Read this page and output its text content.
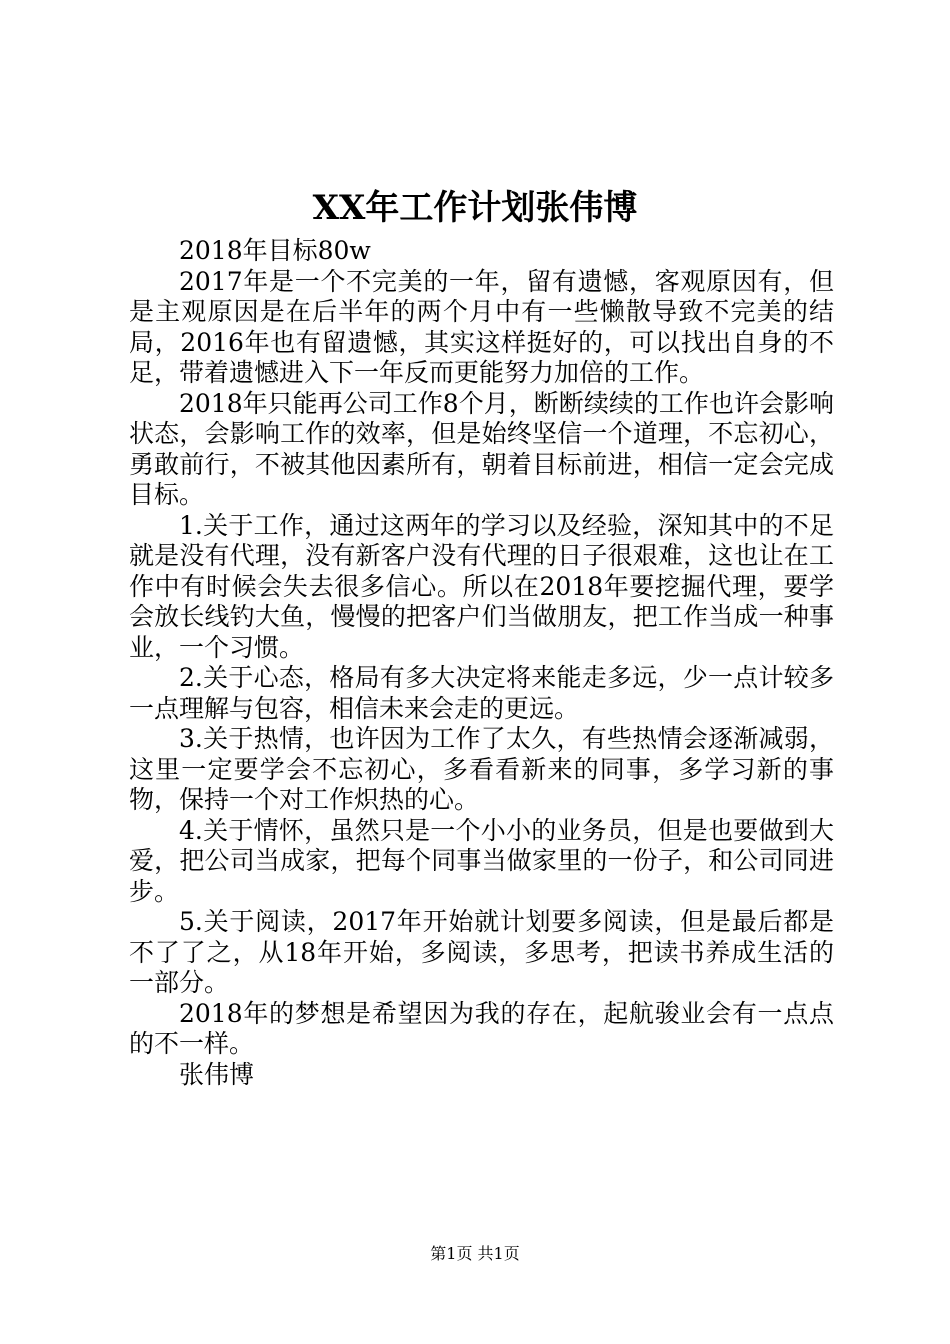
XX年工作计划张伟博

2018年目标80w

2017年是一个不完美的一年，留有遗憾，客观原因有，但是主观原因是在后半年的两个月中有一些懒散导致不完美的结局，2016年也有留遗憾，其实这样挺好的，可以找出自身的不足，带着遗憾进入下一年反而更能努力加倍的工作。

2018年只能再公司工作8个月，断断续续的工作也许会影响状态，会影响工作的效率，但是始终坚信一个道理，不忘初心，勇敢前行，不被其他因素所有，朝着目标前进，相信一定会完成目标。

1.关于工作，通过这两年的学习以及经验，深知其中的不足就是没有代理，没有新客户没有代理的日子很艰难，这也让在工作中有时候会失去很多信心。所以在2018年要挖掘代理，要学会放长线钓大鱼，慢慢的把客户们当做朋友，把工作当成一种事业，一个习惯。

2.关于心态，格局有多大决定将来能走多远，少一点计较多一点理解与包容，相信未来会走的更远。

3.关于热情，也许因为工作了太久，有些热情会逐渐减弱，这里一定要学会不忘初心，多看看新来的同事，多学习新的事物，保持一个对工作炽热的心。

4.关于情怀，虽然只是一个小小的业务员，但是也要做到大爱，把公司当成家，把每个同事当做家里的一份子，和公司同进步。

5.关于阅读，2017年开始就计划要多阅读，但是最后都是不了了之，从18年开始，多阅读，多思考，把读书养成生活的一部分。

2018年的梦想是希望因为我的存在，起航骏业会有一点点的不一样。

张伟博

第1页 共1页
